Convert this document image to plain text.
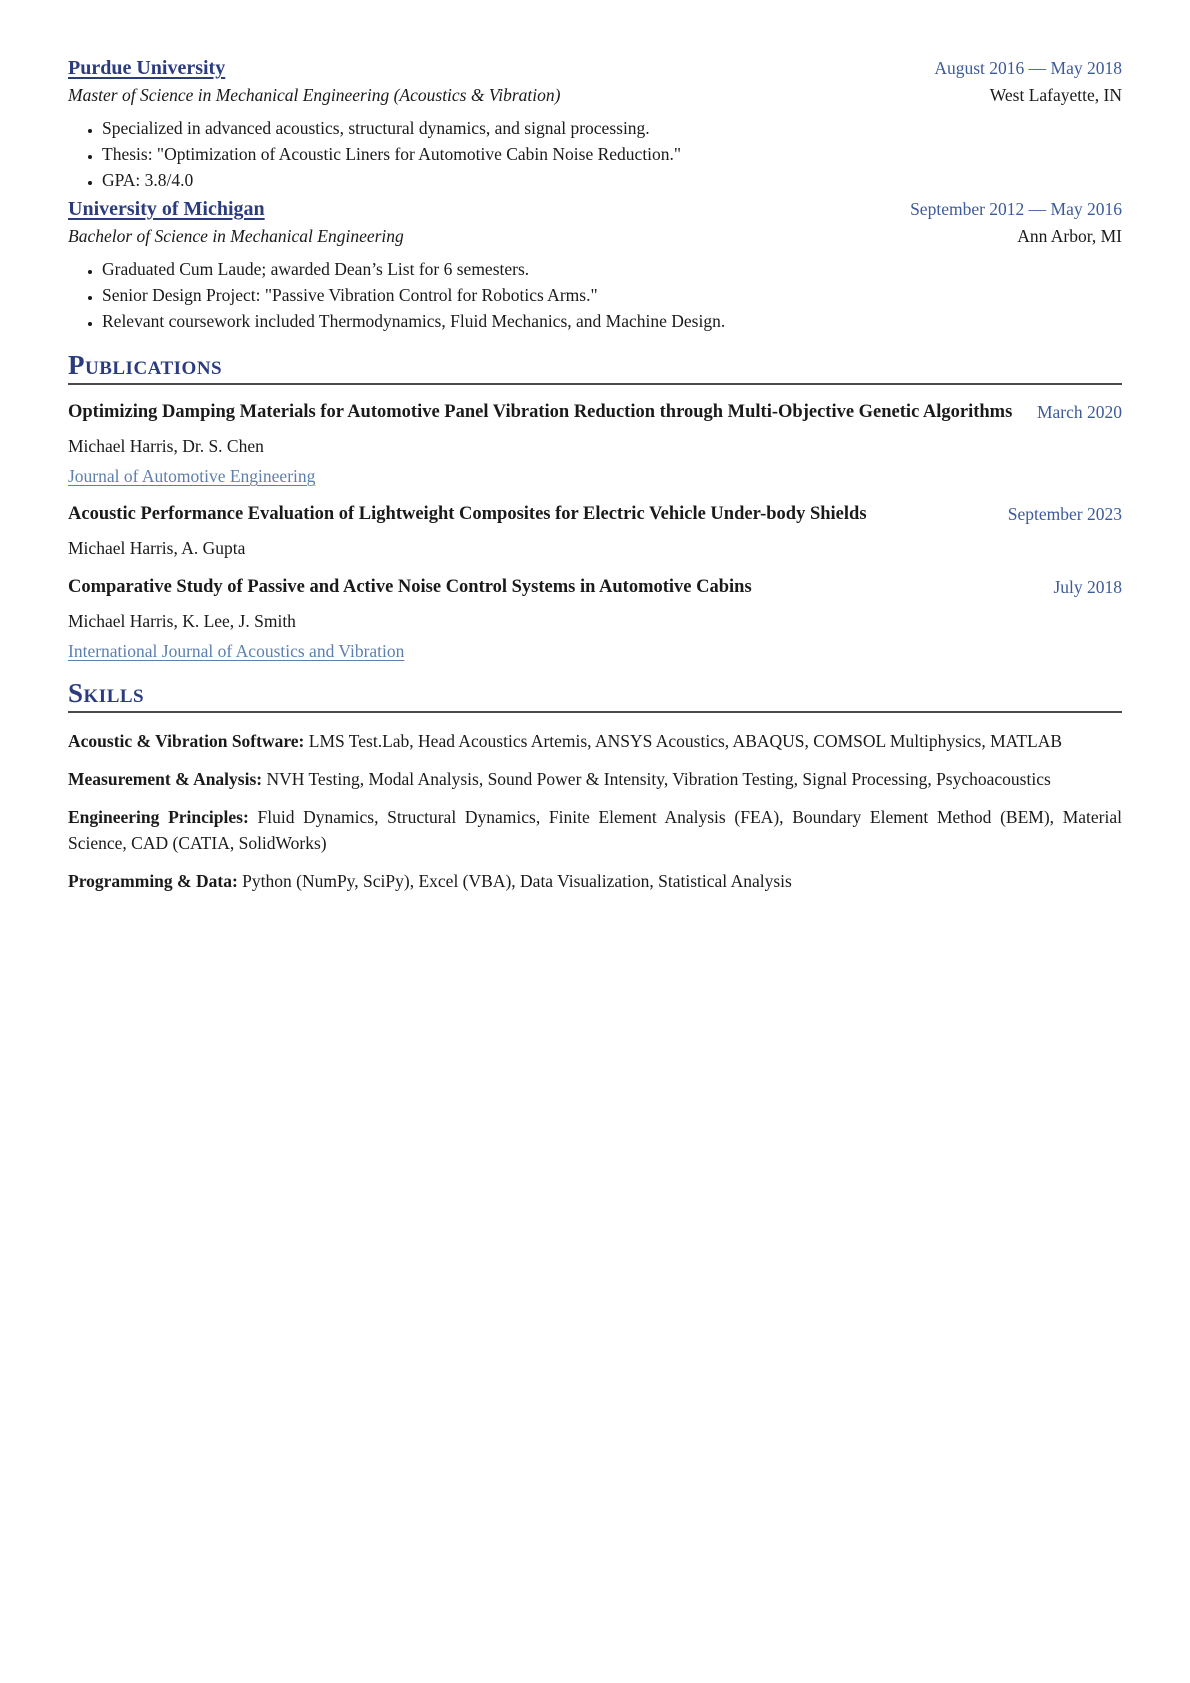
Purdue University	August 2016 — May 2018
Master of Science in Mechanical Engineering (Acoustics & Vibration)	West Lafayette, IN
• Specialized in advanced acoustics, structural dynamics, and signal processing.
• Thesis: "Optimization of Acoustic Liners for Automotive Cabin Noise Reduction."
• GPA: 3.8/4.0
University of Michigan	September 2012 — May 2016
Bachelor of Science in Mechanical Engineering	Ann Arbor, MI
• Graduated Cum Laude; awarded Dean’s List for 6 semesters.
• Senior Design Project: "Passive Vibration Control for Robotics Arms."
• Relevant coursework included Thermodynamics, Fluid Mechanics, and Machine Design.
Publications
March 2020
Optimizing Damping Materials for Automotive Panel Vibration Reduction through Multi-Objective Genetic Algorithms
Michael Harris, Dr. S. Chen
Journal of Automotive Engineering
September 2023
Acoustic Performance Evaluation of Lightweight Composites for Electric Vehicle Under-body Shields
Michael Harris, A. Gupta
July 2018
Comparative Study of Passive and Active Noise Control Systems in Automotive Cabins
Michael Harris, K. Lee, J. Smith
International Journal of Acoustics and Vibration
Skills

Acoustic & Vibration Software: LMS Test.Lab, Head Acoustics Artemis, ANSYS Acoustics, ABAQUS, COMSOL Multiphysics, MATLAB

Measurement & Analysis: NVH Testing, Modal Analysis, Sound Power & Intensity, Vibration Testing, Signal Processing, Psychoacoustics

Engineering Principles: Fluid Dynamics, Structural Dynamics, Finite Element Analysis (FEA), Boundary Element Method (BEM), Material Science, CAD (CATIA, SolidWorks)

Programming & Data: Python (NumPy, SciPy), Excel (VBA), Data Visualization, Statistical Analysis
